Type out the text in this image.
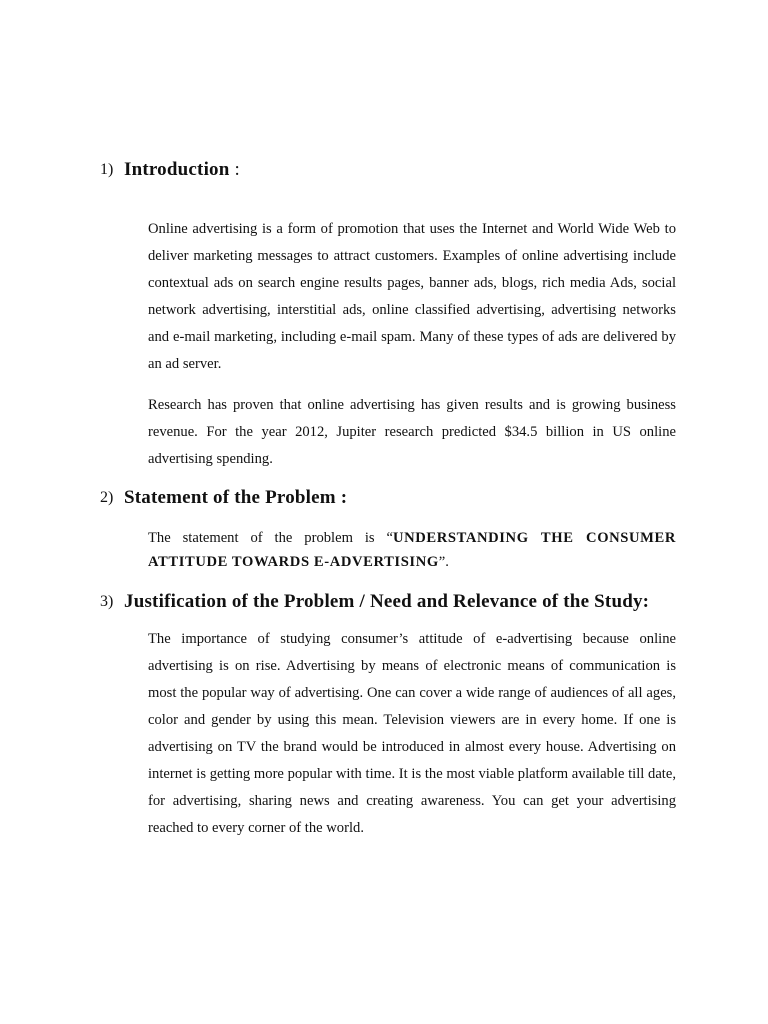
1) Introduction :

Online advertising is a form of promotion that uses the Internet and World Wide Web to deliver marketing messages to attract customers. Examples of online advertising include contextual ads on search engine results pages, banner ads, blogs, rich media Ads, social network advertising, interstitial ads, online classified advertising, advertising networks and e-mail marketing, including e-mail spam. Many of these types of ads are delivered by an ad server.

Research has proven that online advertising has given results and is growing business revenue. For the year 2012, Jupiter research predicted $34.5 billion in US online advertising spending.

2) Statement of the Problem :

The statement of the problem is “UNDERSTANDING THE CONSUMER ATTITUDE TOWARDS E-ADVERTISING”.

3) Justification of the Problem / Need and Relevance of the Study:

The importance of studying consumer’s attitude of e-advertising because online advertising is on rise. Advertising by means of electronic means of communication is most the popular way of advertising. One can cover a wide range of audiences of all ages, color and gender by using this mean. Television viewers are in every home. If one is advertising on TV the brand would be introduced in almost every house. Advertising on internet is getting more popular with time. It is the most viable platform available till date, for advertising, sharing news and creating awareness. You can get your advertising reached to every corner of the world.
